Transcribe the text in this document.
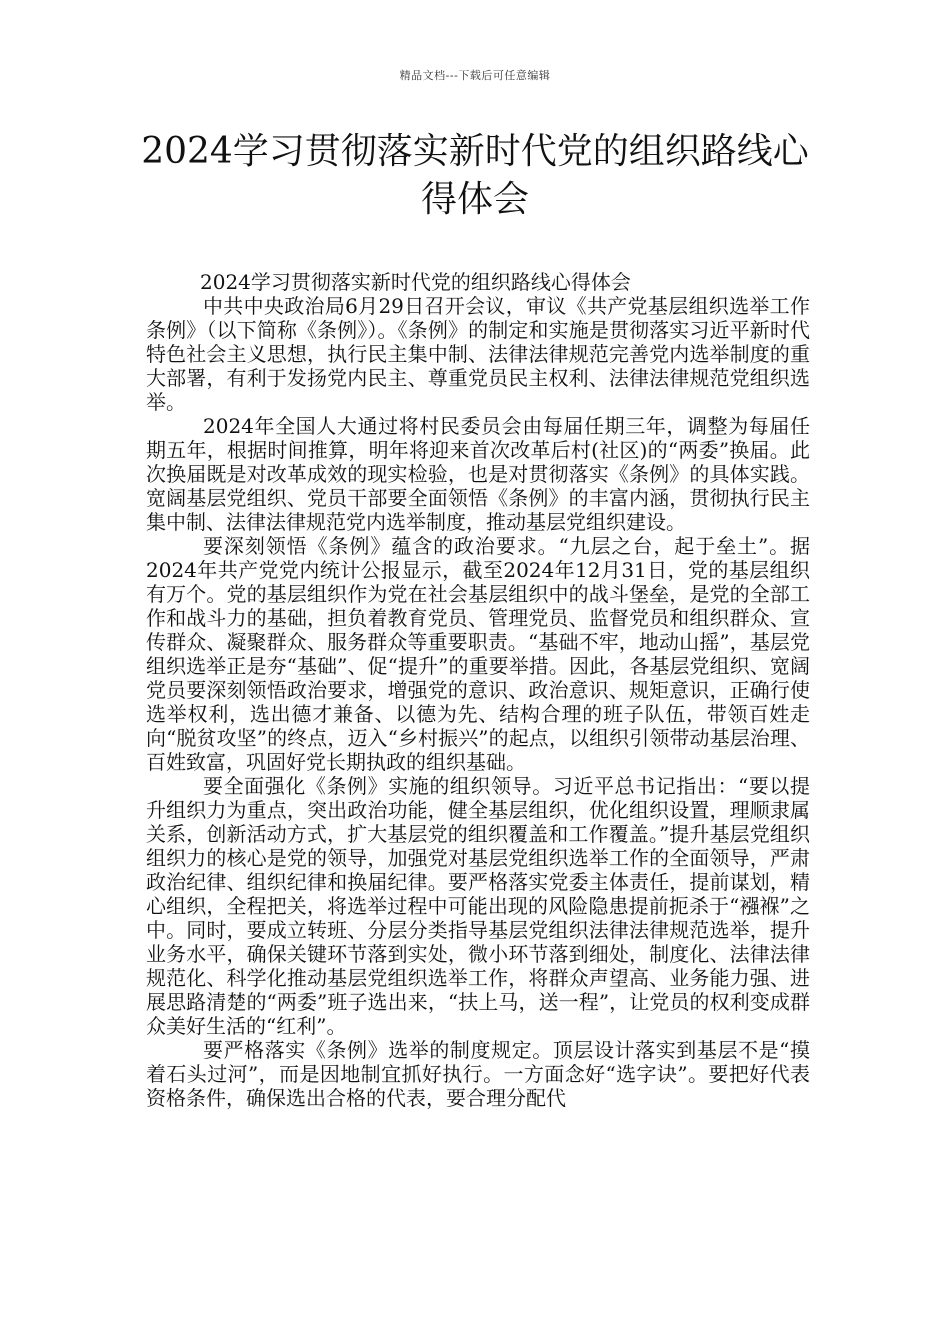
精品文档---下载后可任意编辑
2024学习贯彻落实新时代党的组织路线心得体会

2024学习贯彻落实新时代党的组织路线心得体会

中共中央政治局6月29日召开会议，审议《共产党基层组织选举工作条例》（以下简称《条例》）。《条例》的制定和实施是贯彻落实习近平新时代特色社会主义思想，执行民主集中制、法律法律规范完善党内选举制度的重大部署，有利于发扬党内民主、尊重党员民主权利、法律法律规范党组织选举。

2024年全国人大通过将村民委员会由每届任期三年，调整为每届任期五年，根据时间推算，明年将迎来首次改革后村(社区)的“两委”换届。此次换届既是对改革成效的现实检验，也是对贯彻落实《条例》的具体实践。宽阔基层党组织、党员干部要全面领悟《条例》的丰富内涵，贯彻执行民主集中制、法律法律规范党内选举制度，推动基层党组织建设。

要深刻领悟《条例》蕴含的政治要求。“九层之台，起于垒土”。据2024年共产党党内统计公报显示，截至2024年12月31日，党的基层组织有万个。党的基层组织作为党在社会基层组织中的战斗堡垒，是党的全部工作和战斗力的基础，担负着教育党员、管理党员、监督党员和组织群众、宣传群众、凝聚群众、服务群众等重要职责。“基础不牢，地动山摇”，基层党组织选举正是夯“基础”、促“提升”的重要举措。因此，各基层党组织、宽阔党员要深刻领悟政治要求，增强党的意识、政治意识、规矩意识，正确行使选举权利，选出德才兼备、以德为先、结构合理的班子队伍，带领百姓走向“脱贫攻坚”的终点，迈入“乡村振兴”的起点，以组织引领带动基层治理、百姓致富，巩固好党长期执政的组织基础。

要全面强化《条例》实施的组织领导。习近平总书记指出：“要以提升组织力为重点，突出政治功能，健全基层组织，优化组织设置，理顺隶属关系，创新活动方式，扩大基层党的组织覆盖和工作覆盖。”提升基层党组织组织力的核心是党的领导，加强党对基层党组织选举工作的全面领导，严肃政治纪律、组织纪律和换届纪律。要严格落实党委主体责任，提前谋划，精心组织，全程把关，将选举过程中可能出现的风险隐患提前扼杀于“襁褓”之中。同时，要成立转班、分层分类指导基层党组织法律法律规范选举，提升业务水平，确保关键环节落到实处，微小环节落到细处，制度化、法律法律规范化、科学化推动基层党组织选举工作，将群众声望高、业务能力强、进展思路清楚的“两委”班子选出来，“扶上马，送一程”，让党员的权利变成群众美好生活的“红利”。

要严格落实《条例》选举的制度规定。顶层设计落实到基层不是“摸着石头过河”，而是因地制宜抓好执行。一方面念好“选字诀”。要把好代表资格条件，确保选出合格的代表，要合理分配代
